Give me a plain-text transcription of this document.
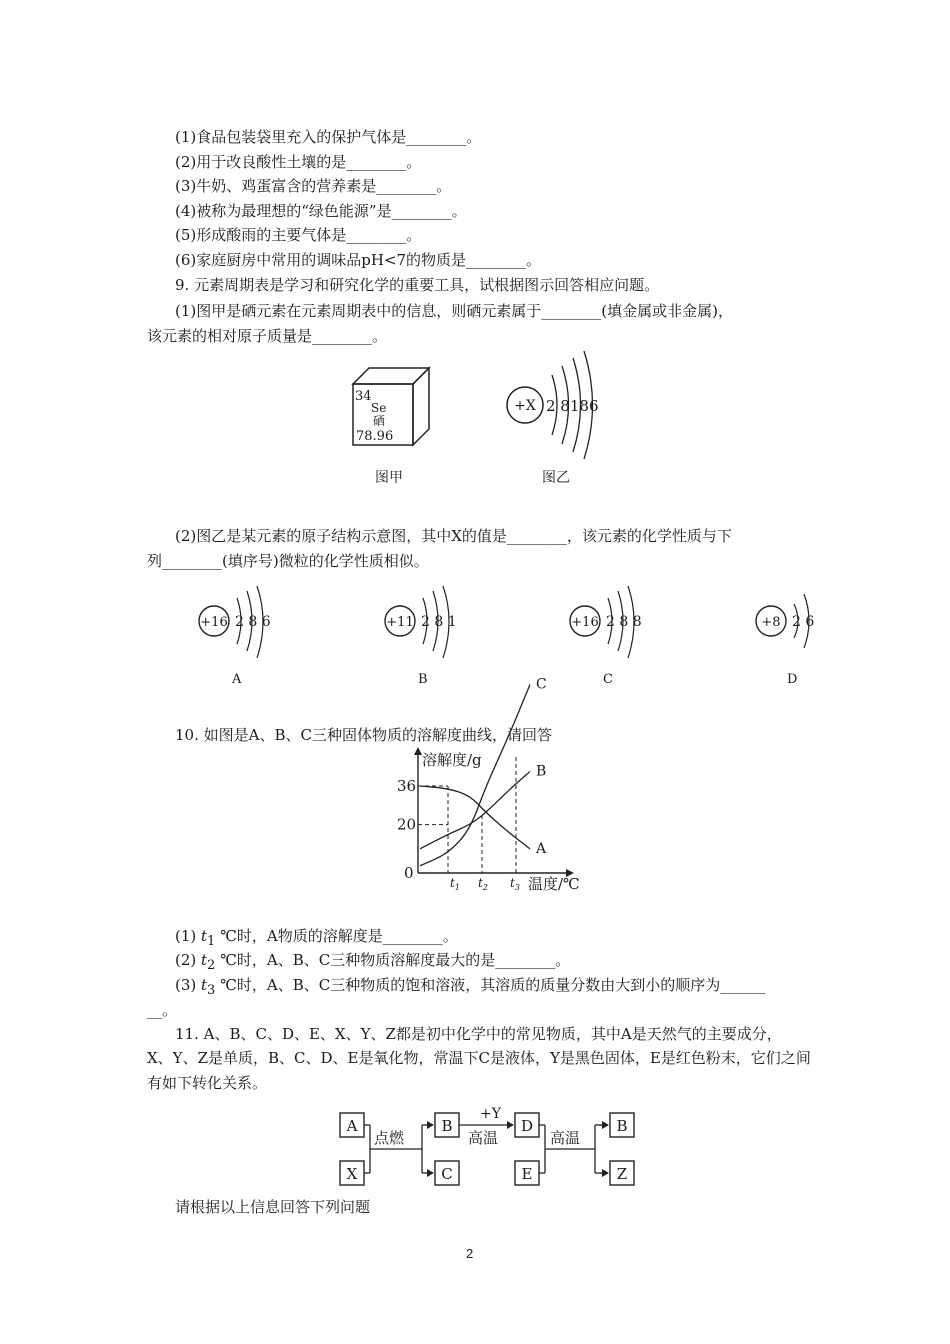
(1)食品包装袋里充入的保护气体是________。
(2)用于改良酸性土壤的是________。
(3)牛奶、鸡蛋富含的营养素是________。
(4)被称为最理想的“绿色能源”是________。
(5)形成酸雨的主要气体是________。
(6)家庭厨房中常用的调味品pH<7的物质是________。
9. 元素周期表是学习和研究化学的重要工具，试根据图示回答相应问题。
(1)图甲是硒元素在元素周期表中的信息，则硒元素属于________(填金属或非金属)，
该元素的相对原子质量是________。
34
Se
硒
78.96
图甲
+X 2 8186
图乙
(2)图乙是某元素的原子结构示意图，其中X的值是________，该元素的化学性质与下
列________(填序号)微粒的化学性质相似。
+16 2 8 6
A
+11 2 8 1
B
+16 2 8 8
C
+8 2 6
D
10. 如图是A、B、C三种固体物质的溶解度曲线，请回答
溶解度/g
温度/℃
36
20
0
$t_1$ $t_2$ $t_3$
A
B
C
(1) $t_1$ ℃时，A物质的溶解度是________。
(2) $t_2$ ℃时，A、B、C三种物质溶解度最大的是________。
(3) $t_3$ ℃时，A、B、C三种物质的饱和溶液，其溶质的质量分数由大到小的顺序为______
__。
11. A、B、C、D、E、X、Y、Z都是初中化学中的常见物质，其中A是天然气的主要成分，
X、Y、Z是单质，B、C、D、E是氧化物，常温下C是液体，Y是黑色固体，E是红色粉末，它们之间
有如下转化关系。
A
X
点燃
B
C
+Y
高温
D
E
高温
B
Z
请根据以上信息回答下列问题
2
